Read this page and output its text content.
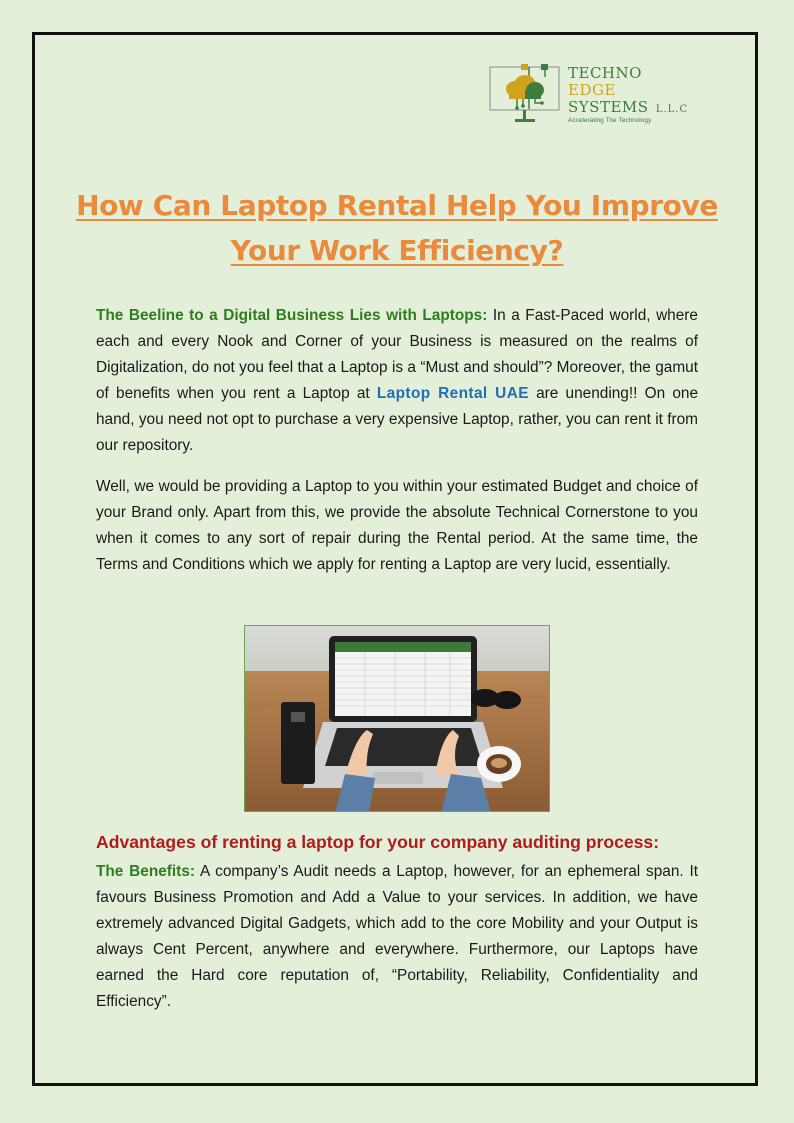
TECHNO
EDGE
SYSTEMS L.L.C
Accelerating The Technology
How Can Laptop Rental Help You Improve Your Work Efficiency?

The Beeline to a Digital Business Lies with Laptops: In a Fast-Paced world, where each and every Nook and Corner of your Business is measured on the realms of Digitalization, do not you feel that a Laptop is a “Must and should”? Moreover, the gamut of benefits when you rent a Laptop at Laptop Rental UAE are unending!! On one hand, you need not opt to purchase a very expensive Laptop, rather, you can rent it from our repository.

Well, we would be providing a Laptop to you within your estimated Budget and choice of your Brand only. Apart from this, we provide the absolute Technical Cornerstone to you when it comes to any sort of repair during the Rental period. At the same time, the Terms and Conditions which we apply for renting a Laptop are very lucid, essentially.

Advantages of renting a laptop for your company auditing process:

The Benefits: A company’s Audit needs a Laptop, however, for an ephemeral span. It favours Business Promotion and Add a Value to your services. In addition, we have extremely advanced Digital Gadgets, which add to the core Mobility and your Output is always Cent Percent, anywhere and everywhere. Furthermore, our Laptops have earned the Hard core reputation of, “Portability, Reliability, Confidentiality and Efficiency”.
